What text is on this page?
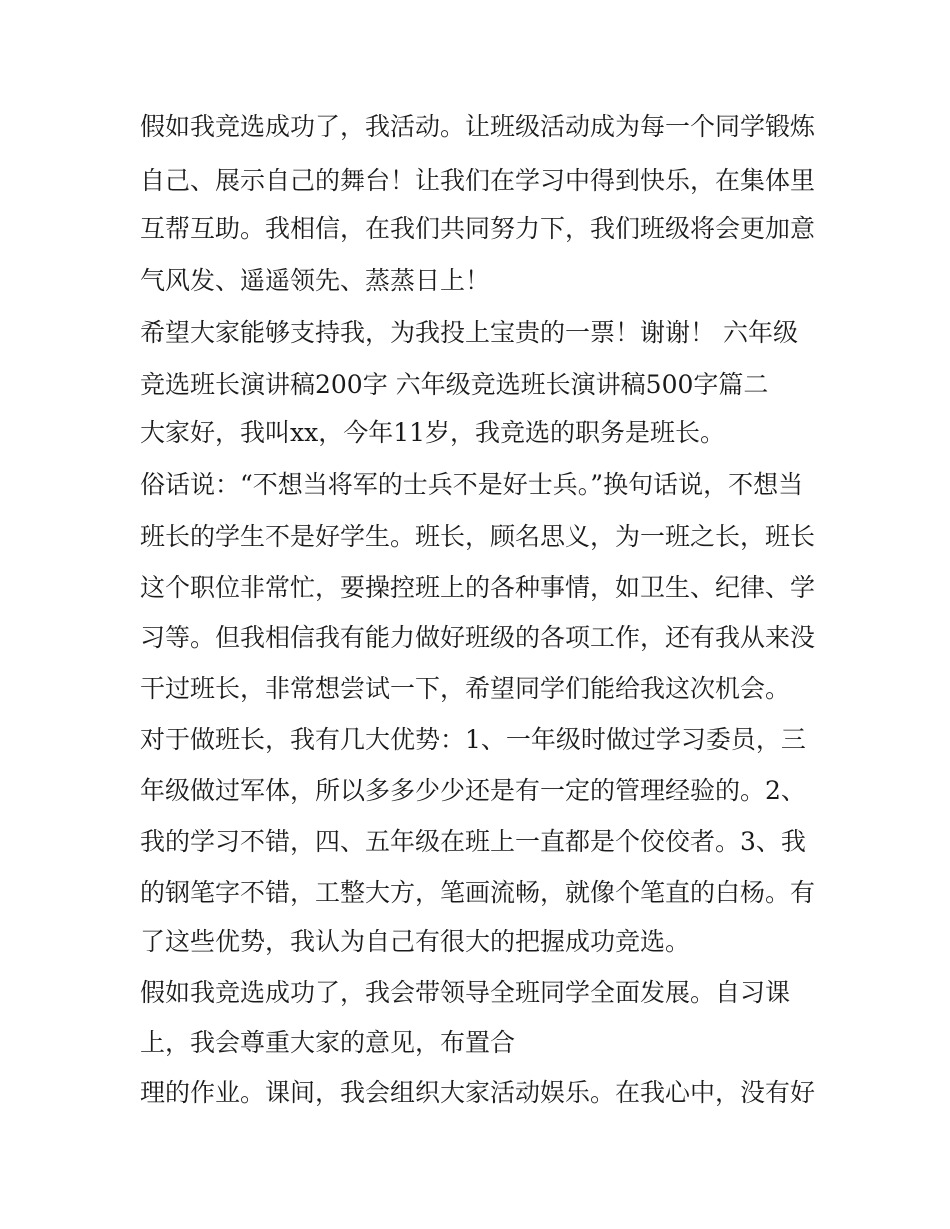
假如我竞选成功了，我活动。让班级活动成为每一个同学锻炼

自己、展示自己的舞台！让我们在学习中得到快乐，在集体里

互帮互助。我相信，在我们共同努力下，我们班级将会更加意

气风发、遥遥领先、蒸蒸日上！

希望大家能够支持我，为我投上宝贵的一票！谢谢！ 六年级

竞选班长演讲稿200字 六年级竞选班长演讲稿500字篇二

大家好，我叫xx，今年11岁，我竞选的职务是班长。

俗话说：“不想当将军的士兵不是好士兵。”换句话说，不想当

班长的学生不是好学生。班长，顾名思义，为一班之长，班长

这个职位非常忙，要操控班上的各种事情，如卫生、纪律、学

习等。但我相信我有能力做好班级的各项工作，还有我从来没

干过班长，非常想尝试一下，希望同学们能给我这次机会。

对于做班长，我有几大优势：1、一年级时做过学习委员，三

年级做过军体，所以多多少少还是有一定的管理经验的。2、

我的学习不错，四、五年级在班上一直都是个佼佼者。3、我

的钢笔字不错，工整大方，笔画流畅，就像个笔直的白杨。有

了这些优势，我认为自己有很大的把握成功竞选。

假如我竞选成功了，我会带领导全班同学全面发展。自习课

上，我会尊重大家的意见，布置合

理的作业。课间，我会组织大家活动娱乐。在我心中，没有好
